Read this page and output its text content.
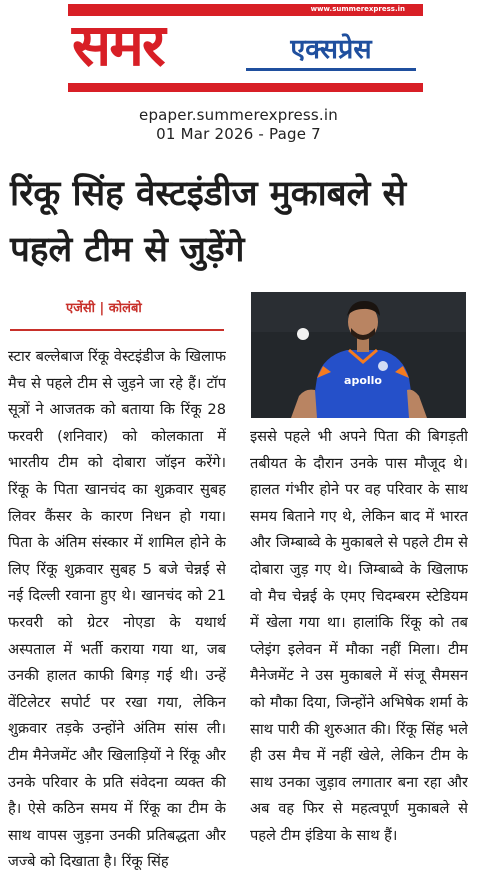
www.summerexpress.in
समर	एक्सप्रेस
epaper.summerexpress.in
01 Mar 2026 - Page 7
रिंकू सिंह वेस्टइंडीज मुकाबले से पहले टीम से जुड़ेंगे
एजेंसी | कोलंबो
apollo
स्टार बल्लेबाज रिंकू वेस्टइंडीज के खिलाफ मैच से पहले टीम से जुड़ने जा रहे हैं। टॉप सूत्रों ने आजतक को बताया कि रिंकू 28 फरवरी (शनिवार) को कोलकाता में भारतीय टीम को दोबारा जॉइन करेंगे। रिंकू के पिता खानचंद का शुक्रवार सुबह लिवर कैंसर के कारण निधन हो गया। पिता के अंतिम संस्कार में शामिल होने के लिए रिंकू शुक्रवार सुबह 5 बजे चेन्नई से नई दिल्ली रवाना हुए थे। खानचंद को 21 फरवरी को ग्रेटर नोएडा के यथार्थ अस्पताल में भर्ती कराया गया था, जब उनकी हालत काफी बिगड़ गई थी। उन्हें वेंटिलेटर सपोर्ट पर रखा गया, लेकिन शुक्रवार तड़के उन्होंने अंतिम सांस ली। टीम मैनेजमेंट और खिलाड़ियों ने रिंकू और उनके परिवार के प्रति संवेदना व्यक्त की है। ऐसे कठिन समय में रिंकू का टीम के साथ वापस जुड़ना उनकी प्रतिबद्धता और जज्बे को दिखाता है। रिंकू सिंह
इससे पहले भी अपने पिता की बिगड़ती तबीयत के दौरान उनके पास मौजूद थे। हालत गंभीर होने पर वह परिवार के साथ समय बिताने गए थे, लेकिन बाद में भारत और जिम्बाब्वे के मुकाबले से पहले टीम से दोबारा जुड़ गए थे। जिम्बाब्वे के खिलाफ वो मैच चेन्नई के एमए चिदम्बरम स्टेडियम में खेला गया था। हालांकि रिंकू को तब प्लेइंग इलेवन में मौका नहीं मिला। टीम मैनेजमेंट ने उस मुकाबले में संजू सैमसन को मौका दिया, जिन्होंने अभिषेक शर्मा के साथ पारी की शुरुआत की। रिंकू सिंह भले ही उस मैच में नहीं खेले, लेकिन टीम के साथ उनका जुड़ाव लगातार बना रहा और अब वह फिर से महत्वपूर्ण मुकाबले से पहले टीम इंडिया के साथ हैं।
